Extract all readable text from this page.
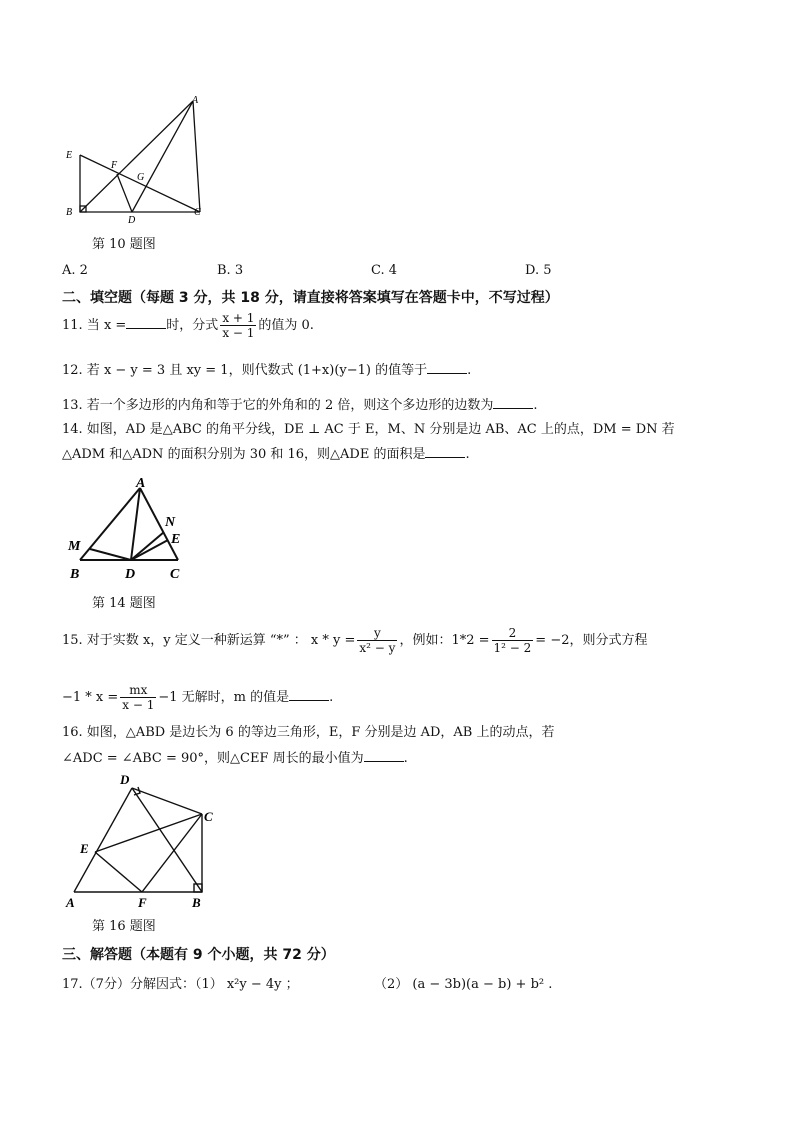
A
E
F
G
B
D
C
第 10 题图
A. 2	B. 3	C. 4	D. 5
二、填空题（每题 3 分，共 18 分，请直接将答案填写在答题卡中，不写过程）
11. 当 x =	时，分式 $\frac{x + 1}{x - 1}$ 的值为 0.
12. 若 x − y = 3 且 xy = 1，则代数式 (1+x)(y−1) 的值等于	.
13. 若一个多边形的内角和等于它的外角和的 2 倍，则这个多边形的边数为	.
14. 如图，AD 是△ABC 的角平分线，DE ⊥ AC 于 E，M、N 分别是边 AB、AC 上的点，DM = DN 若
△ADM 和△ADN 的面积分别为 30 和 16，则△ADE 的面积是	.
A
N
E
M
B	D C
第 14 题图
15. 对于实数 x，y 定义一种新运算 “*” ： $x * y = \frac{y}{\text{x² − y}}$ ，例如：$1*2 = \frac{2}{\text{1² − 2}} = -2$，则分式方程
$-1 * x = \frac{mx}{x - 1} -1$ 无解时，m 的值是	.
16. 如图，△ABD 是边长为 6 的等边三角形，E，F 分别是边 AD，AB 上的动点，若
∠ADC = ∠ABC = 90°，则△CEF 周长的最小值为	.
D
C
E
A	F	B
第 16 题图
三、解答题（本题有 9 个小题，共 72 分）
17.（7分）分解因式：（1） x²y − 4y ；	（2） (a − 3b)(a − b) + b² .
